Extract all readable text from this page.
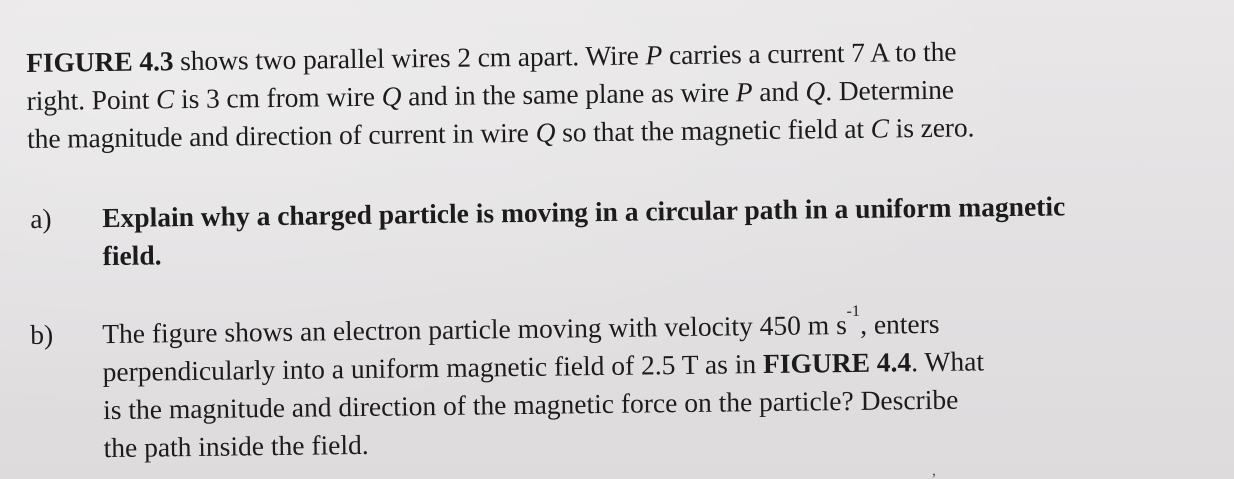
FIGURE 4.3 shows two parallel wires 2 cm apart. Wire P carries a current 7 A to the
right. Point C is 3 cm from wire Q and in the same plane as wire P and Q. Determine
the magnitude and direction of current in wire Q so that the magnetic field at C is zero.
a) Explain why a charged particle is moving in a circular path in a uniform magnetic
field.
b) The figure shows an electron particle moving with velocity 450 m $s^{-1}$, enters
perpendicularly into a uniform magnetic field of 2.5 T as in FIGURE 4.4. What
is the magnitude and direction of the magnetic force on the particle? Describe
the path inside the field.
,
